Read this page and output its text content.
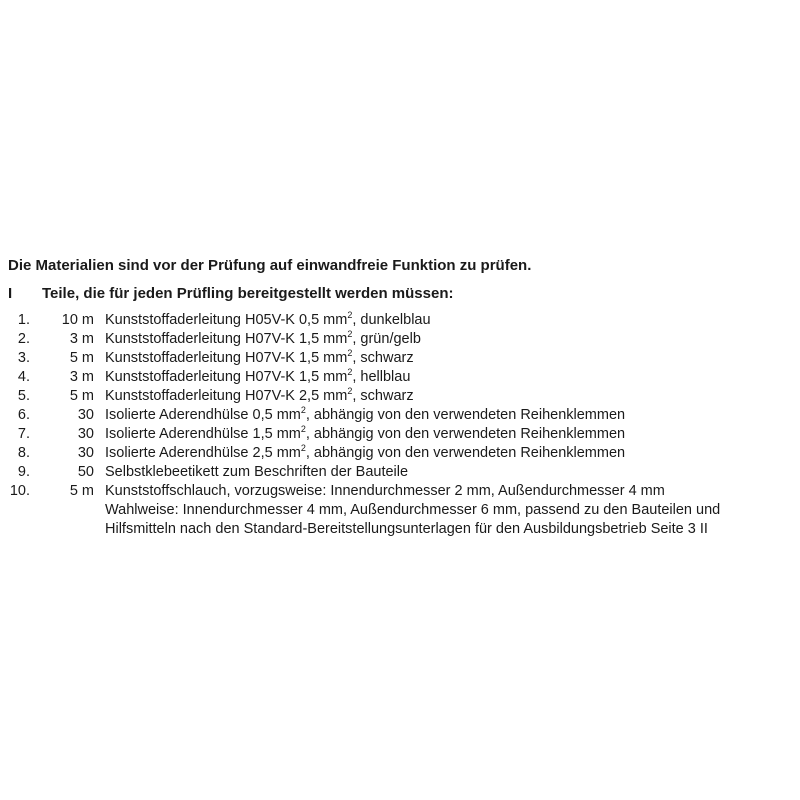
Die Materialien sind vor der Prüfung auf einwandfreie Funktion zu prüfen.
I Teile, die für jeden Prüfling bereitgestellt werden müssen:
1.	10 m Kunststoffaderleitung H05V-K 0,5 $mm^2$, dunkelblau
2.	3 m Kunststoffaderleitung H07V-K 1,5 $mm^2$, grün/gelb
3.	5 m Kunststoffaderleitung H07V-K 1,5 $mm^2$, schwarz
4.	3 m Kunststoffaderleitung H07V-K 1,5 $mm^2$, hellblau
5.	5 m Kunststoffaderleitung H07V-K 2,5 $mm^2$, schwarz
6.	30 Isolierte Aderendhülse 0,5 $mm^2$, abhängig von den verwendeten Reihenklemmen
7.	30 Isolierte Aderendhülse 1,5 $mm^2$, abhängig von den verwendeten Reihenklemmen
8.	30 Isolierte Aderendhülse 2,5 $mm^2$, abhängig von den verwendeten Reihenklemmen
9.	50 Selbstklebeetikett zum Beschriften der Bauteile
10.	5 m Kunststoffschlauch, vorzugsweise: Innendurchmesser 2 mm, Außendurchmesser 4 mm
Wahlweise: Innendurchmesser 4 mm, Außendurchmesser 6 mm, passend zu den Bauteilen und
Hilfsmitteln nach den Standard-Bereitstellungsunterlagen für den Ausbildungsbetrieb Seite 3 II
